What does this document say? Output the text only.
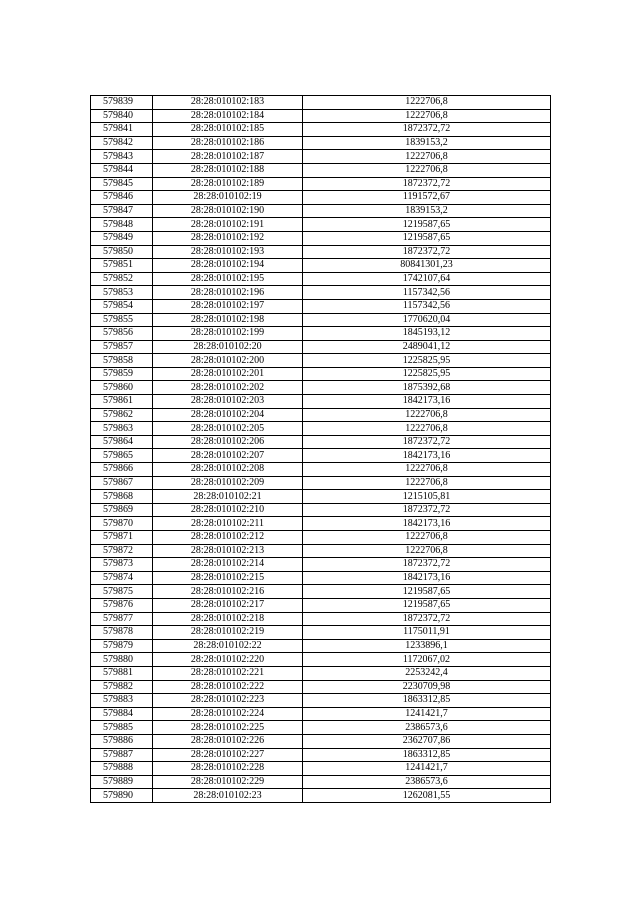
579839	28:28:010102:183	1222706,8
579840	28:28:010102:184	1222706,8
579841	28:28:010102:185	1872372,72
579842	28:28:010102:186	1839153,2
579843	28:28:010102:187	1222706,8
579844	28:28:010102:188	1222706,8
579845	28:28:010102:189	1872372,72
579846	28:28:010102:19	1191572,67
579847	28:28:010102:190	1839153,2
579848	28:28:010102:191	1219587,65
579849	28:28:010102:192	1219587,65
579850	28:28:010102:193	1872372,72
579851	28:28:010102:194	80841301,23
579852	28:28:010102:195	1742107,64
579853	28:28:010102:196	1157342,56
579854	28:28:010102:197	1157342,56
579855	28:28:010102:198	1770620,04
579856	28:28:010102:199	1845193,12
579857	28:28:010102:20	2489041,12
579858	28:28:010102:200	1225825,95
579859	28:28:010102:201	1225825,95
579860	28:28:010102:202	1875392,68
579861	28:28:010102:203	1842173,16
579862	28:28:010102:204	1222706,8
579863	28:28:010102:205	1222706,8
579864	28:28:010102:206	1872372,72
579865	28:28:010102:207	1842173,16
579866	28:28:010102:208	1222706,8
579867	28:28:010102:209	1222706,8
579868	28:28:010102:21	1215105,81
579869	28:28:010102:210	1872372,72
579870	28:28:010102:211	1842173,16
579871	28:28:010102:212	1222706,8
579872	28:28:010102:213	1222706,8
579873	28:28:010102:214	1872372,72
579874	28:28:010102:215	1842173,16
579875	28:28:010102:216	1219587,65
579876	28:28:010102:217	1219587,65
579877	28:28:010102:218	1872372,72
579878	28:28:010102:219	1175011,91
579879	28:28:010102:22	1233896,1
579880	28:28:010102:220	1172067,02
579881	28:28:010102:221	2253242,4
579882	28:28:010102:222	2230709,98
579883	28:28:010102:223	1863312,85
579884	28:28:010102:224	1241421,7
579885	28:28:010102:225	2386573,6
579886	28:28:010102:226	2362707,86
579887	28:28:010102:227	1863312,85
579888	28:28:010102:228	1241421,7
579889	28:28:010102:229	2386573,6
579890	28:28:010102:23	1262081,55
